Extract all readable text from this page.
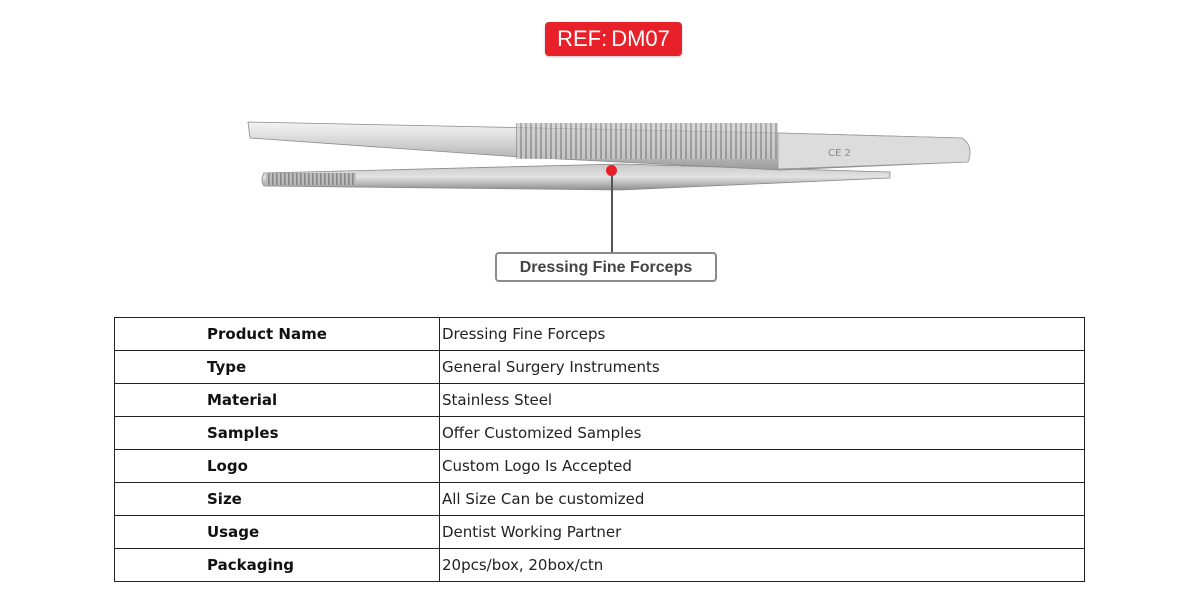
REF: DM07
CE 2
Dressing Fine Forceps
Product Name	Dressing Fine Forceps
Type	General Surgery Instruments
Material	Stainless Steel
Samples	Offer Customized Samples
Logo	Custom Logo Is Accepted
Size	All Size Can be customized
Usage	Dentist Working Partner
Packaging	20pcs/box, 20box/ctn
